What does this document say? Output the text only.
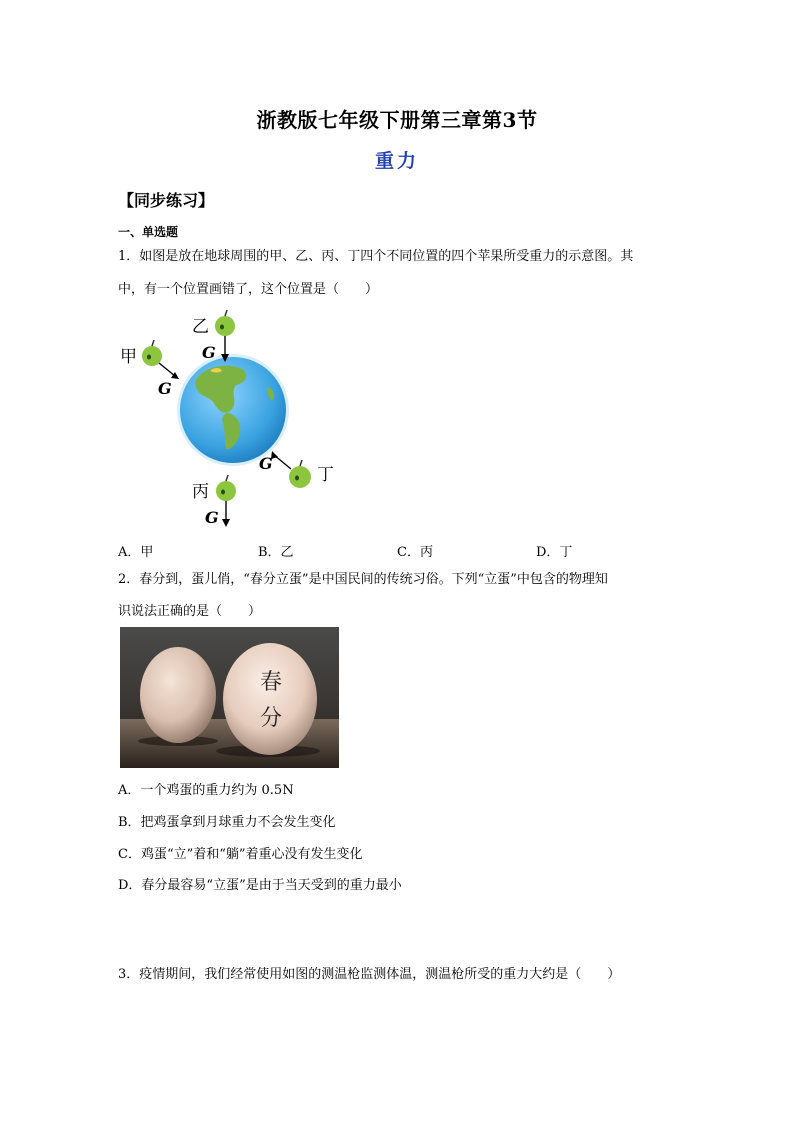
浙教版七年级下册第三章第3节
重力
【同步练习】
一、单选题
1．如图是放在地球周围的甲、乙、丙、丁四个不同位置的四个苹果所受重力的示意图。其
中，有一个位置画错了，这个位置是（　　）
乙
G
甲
G
G
丁
丙
G
A．甲	B．乙	C．丙	D．丁
2．春分到，蛋儿俏，“春分立蛋”是中国民间的传统习俗。下列“立蛋”中包含的物理知
识说法正确的是（　　）
春
分
A．一个鸡蛋的重力约为 0.5N
B．把鸡蛋拿到月球重力不会发生变化
C．鸡蛋“立”着和“躺”着重心没有发生变化
D．春分最容易“立蛋”是由于当天受到的重力最小
3．疫情期间，我们经常使用如图的测温枪监测体温，测温枪所受的重力大约是（　　）
